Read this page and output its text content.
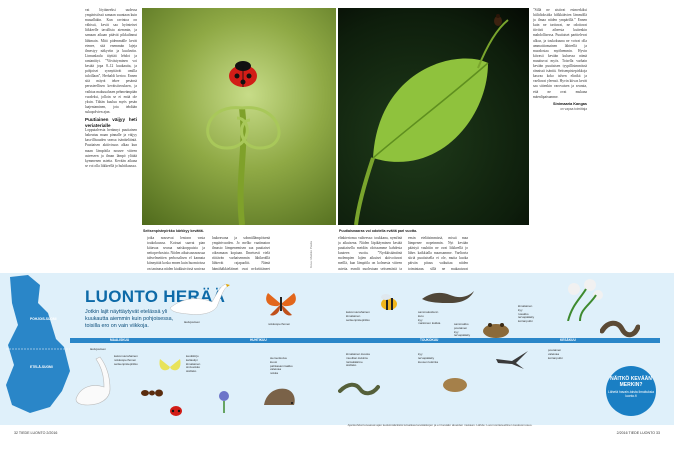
vat löytäneeksi uudessa ympäristössä samaan suuntaan kuin muuallakin. Kun ravintoa on vähissä, kevät saa hyönteiset liikkeelle tavallista aiemmin, ja samaan aikaan pitävät pikkulinnut lähimain. Mitä pidemmälle kevät etenee, sitä enemmän lajeja ilmestyy näkyviin ja kuuluviin. Linnunlaulu täyttää lehdot ja rantaniityt. ”Viivästyminen voi kestää jopa 8–12 kuukautta, ja pohjoiset synnyttävät omilla tuloillaan”, Herbaldi kertoo. Ennen sitä mäyrä tekee pesänsä perusteellisen kevätsiivouksen, ja vaihtaa makuualusen pehmeämpään vuodeksi, jolloin se ei enää ole yksin. Tähän kuuluu myös pesän laajentaminen, jota tehdään sukupolvien ajan.

Puutiainen väijyy heti veriaterialle

Lopputalvesta herännyt puutiainen hakeutuu maan pinnalle ja väijyy kasvillisuuden seassa isäntäeläintä. Puutiaisen aktiivisuus alkaa kun maan lämpötila nousee viiteen asteeseen ja ilman lämpö ylittää kymmenen astetta. Kevään aikana se voi olla liikkeellä jo huhtikuussa.

Seitsenpistepirkko kärkkyy kevättä.	Puutiaisnaaras voi odotella eväitä pari vuotta.

”Sillä ne aistivat esimerkiksi hiilidioksidia hölkkäävien lämmöllä ja ilmaa niiden ympärillä.” Ennen kuin ne tarttuvat, ne odottavat tiiviisti aiheesta kuitenkin mahdollisessa. Puutiaiset parittelevat ulkoa, ja toukokuuna ne voivat olla ammattiomainen lähteellä ja muodostaa myöhemmin. Hyvin kiivasti kevään kuluessa nämä muuttuvat myös. Toisella varhain kevään puutiaisen tyypillisimmässä rännissä isäntiä. Seitsenpistepirkkoja kasvaa koko talven elinikä ja vaeltavat yleensä. Hyvin kiivas kevät saa sittenkin varovaisen ja seurata, että ne ovat mukana mäenlipaisumme.

Sinimaaria Kangas

on vapaa toimittaja

jotka nousevat lentoon vasta toukokuussa. Koiraat saavat pian kiitavaa seuraa naiskorppuista ja neitoperhosista. Niiden aikuisuusnousua tahvelmettien perhosalisen el kannata kiinnyttää koska ennen kuin huomioissa on tapinasa niiden kiukkutyössä sopivaa

laukeavana ja sohmällämpöisenä ympärivuoden. Jo melko vaatimaton ilmasto lämpenemisen saa puutiaiset oikeamaan kopiaan. Ilmeisesti vielä riittävän varhaisemmin lähikerällä lähtevät rajapuolitt. Nämä hämähäkkieläimet ovat nykyiittäneet

Kuva: Maikko Pasila

elinkiertonsa vaiheessa: toukkana, nymfinä ja aikuisena. Niiden läpikäyminen kestää puutiaisella meidän oloissamme kahdesta kuuteen vuotta. ”Nyrkkisääntönä molempien lajien aikuiset aktivoituvat meillä, kun lämpöila on kolmesta viiteen astetta, nymfit puolestaan seitsemästä ja

ensin eteläisimmissä, missä maa lämpenee nopeimmin. Nyt kevään päästyä vauhtiin ne ovat liikkeellä jo lähes kaikkialla maassamme. Vaeltavia siiriä puutiaisella ei ole, mutta kuoka päivän pituus vaikuttaa niiden toimintaan, sillä ne mukautuvat

POHJOIS-SUOMI
ETELÄ-SUOMI
LUONTO HERÄÄ
Jotkin lajit näyttäytyvät etelässä yli kuukautta aiemmin kuin pohjoisessa, toisilla ero on vain viikkoja.
MAALISKUU	HUHTIKUU	TOUKOKUU	KESÄKUU
laulujoutsen	nokkosperhonen
laulujoutsen
kekomuurahainen
nokkosperhonen
seitsenpistepirkko
kevätkirjo
keltasiipi
kimalainen
sinivuokko
sisilisko
siemenkuiva
kuusi
pahkasammakko
valeivaa
nokka
kekomuurahainen
kimalainen
seitsenpistepirkko
sammakoidenn
kutu
kyy
maitoinen kukkia	sammakko
poutainen
kyy
tervapääsky
kimalainen
kyy
rusakko
tervapääsky
koiranputki
kimalainen kuusia
muolitan kukinta
rantakäärme
sisilisko
kyy
tervapääsky
kuusen kukinta
poutainen
valeivaa
koiranputki
NÄITKÖ KEVÄÄN MERKIN?
Lähetä havain-toista ilmoituksia luonto.fi
Ajankohdat kuvaavat ajan keskimääräistä tuloaikaa kevätaikojen ja eri kevään alueiden mukaan. Lähde: Luonnontieteellinen keskusmuseo.
32 TIEDE LUONTO 2/2016	2/2016 TIEDE LUONTO 33
